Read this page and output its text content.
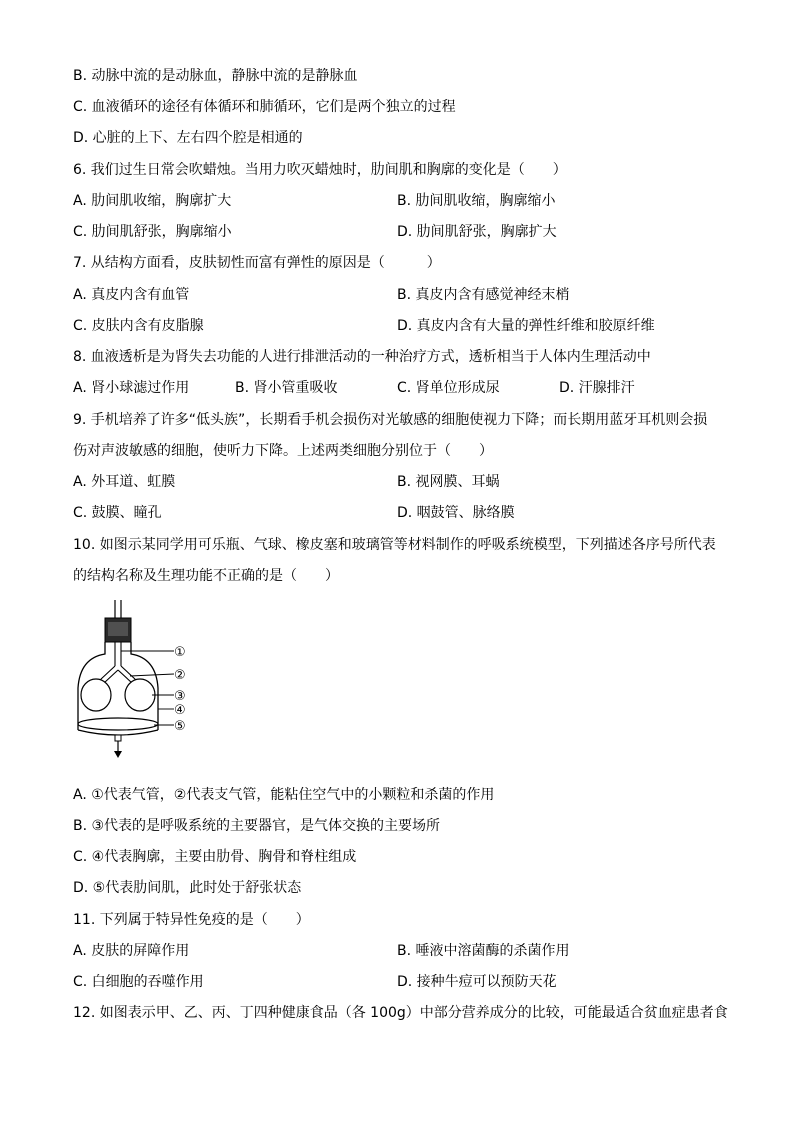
B. 动脉中流的是动脉血，静脉中流的是静脉血
C. 血液循环的途径有体循环和肺循环，它们是两个独立的过程
D. 心脏的上下、左右四个腔是相通的
6. 我们过生日常会吹蜡烛。当用力吹灭蜡烛时，肋间肌和胸廓的变化是（　　）
A. 肋间肌收缩，胸廓扩大	B. 肋间肌收缩，胸廓缩小
C. 肋间肌舒张，胸廓缩小	D. 肋间肌舒张，胸廓扩大
7. 从结构方面看，皮肤韧性而富有弹性的原因是（　　　）
A. 真皮内含有血管	B. 真皮内含有感觉神经末梢
C. 皮肤内含有皮脂腺	D. 真皮内含有大量的弹性纤维和胶原纤维
8. 血液透析是为肾失去功能的人进行排泄活动的一种治疗方式，透析相当于人体内生理活动中
A. 肾小球滤过作用	B. 肾小管重吸收	C. 肾单位形成尿	D. 汗腺排汗
9. 手机培养了许多“低头族”，长期看手机会损伤对光敏感的细胞使视力下降；而长期用蓝牙耳机则会损
伤对声波敏感的细胞，使听力下降。上述两类细胞分别位于（　　）
A. 外耳道、虹膜	B. 视网膜、耳蜗
C. 鼓膜、瞳孔	D. 咽鼓管、脉络膜
10. 如图示某同学用可乐瓶、气球、橡皮塞和玻璃管等材料制作的呼吸系统模型，下列描述各序号所代表
的结构名称及生理功能不正确的是（　　）
①
②
③
④
⑤
A. ①代表气管，②代表支气管，能粘住空气中的小颗粒和杀菌的作用
B. ③代表的是呼吸系统的主要器官，是气体交换的主要场所
C. ④代表胸廓，主要由肋骨、胸骨和脊柱组成
D. ⑤代表肋间肌，此时处于舒张状态
11. 下列属于特异性免疫的是（　　）
A. 皮肤的屏障作用	B. 唾液中溶菌酶的杀菌作用
C. 白细胞的吞噬作用	D. 接种牛痘可以预防天花
12. 如图表示甲、乙、丙、丁四种健康食品（各 100g）中部分营养成分的比较，可能最适合贫血症患者食
